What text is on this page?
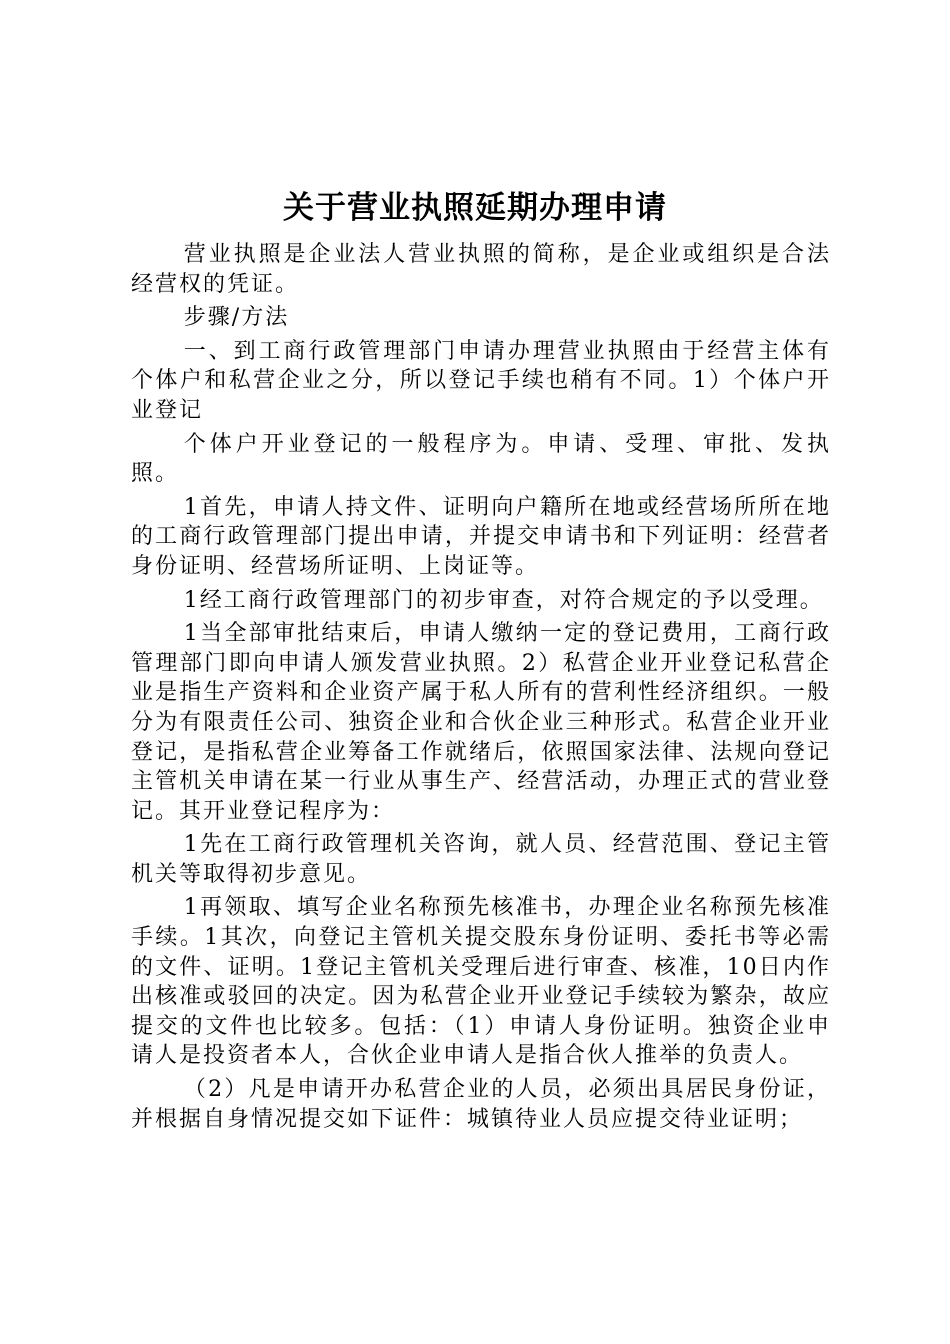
关于营业执照延期办理申请

营业执照是企业法人营业执照的简称，是企业或组织是合法经营权的凭证。

步骤/方法

一、到工商行政管理部门申请办理营业执照由于经营主体有个体户和私营企业之分，所以登记手续也稍有不同。1）个体户开业登记

个体户开业登记的一般程序为。申请、受理、审批、发执照。

1首先，申请人持文件、证明向户籍所在地或经营场所所在地的工商行政管理部门提出申请，并提交申请书和下列证明：经营者身份证明、经营场所证明、上岗证等。

1经工商行政管理部门的初步审查，对符合规定的予以受理。

1当全部审批结束后，申请人缴纳一定的登记费用，工商行政管理部门即向申请人颁发营业执照。2）私营企业开业登记私营企业是指生产资料和企业资产属于私人所有的营利性经济组织。一般分为有限责任公司、独资企业和合伙企业三种形式。私营企业开业登记，是指私营企业筹备工作就绪后，依照国家法律、法规向登记主管机关申请在某一行业从事生产、经营活动，办理正式的营业登记。其开业登记程序为：

1先在工商行政管理机关咨询，就人员、经营范围、登记主管机关等取得初步意见。

1再领取、填写企业名称预先核准书，办理企业名称预先核准手续。1其次，向登记主管机关提交股东身份证明、委托书等必需的文件、证明。1登记主管机关受理后进行审查、核准，10日内作出核准或驳回的决定。因为私营企业开业登记手续较为繁杂，故应提交的文件也比较多。包括：（1）申请人身份证明。独资企业申请人是投资者本人，合伙企业申请人是指合伙人推举的负责人。

（2）凡是申请开办私营企业的人员，必须出具居民身份证，并根据自身情况提交如下证件：城镇待业人员应提交待业证明；
